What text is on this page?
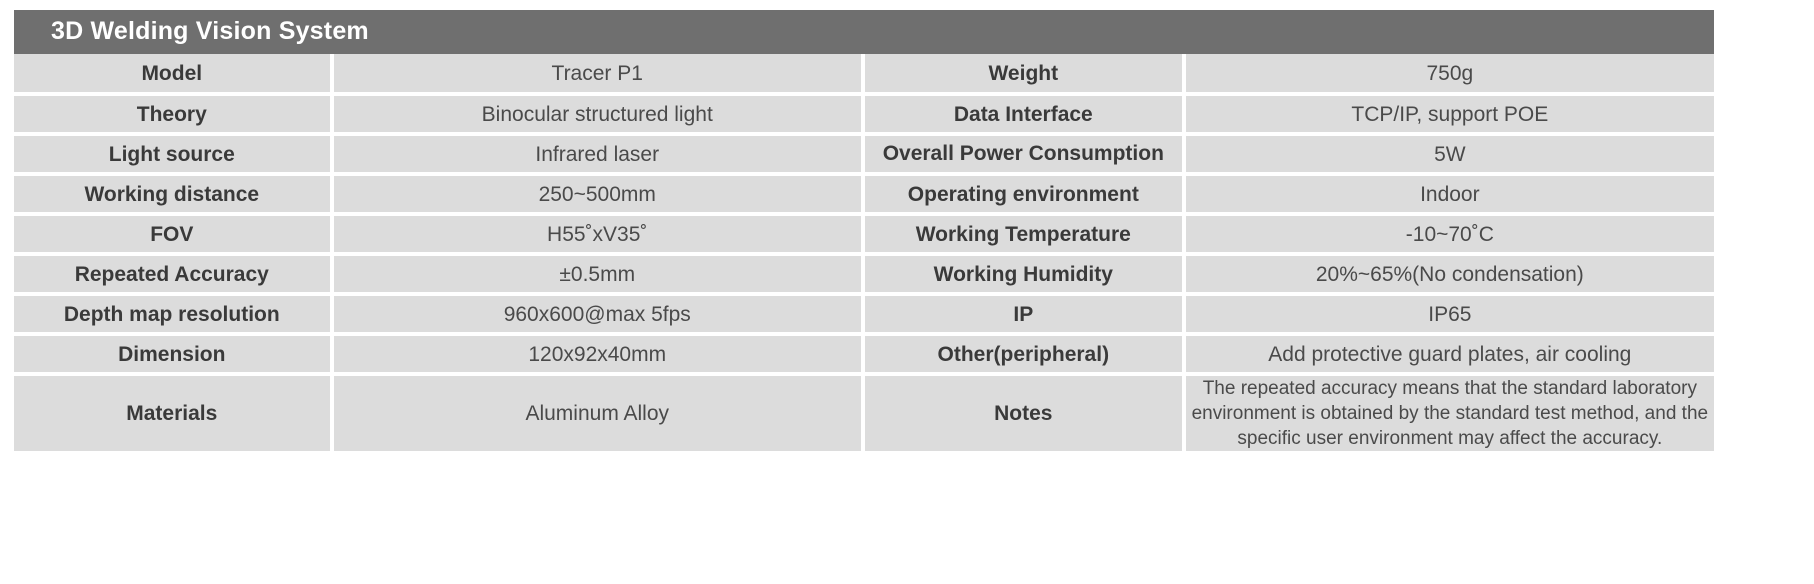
3D Welding Vision System
Model	Tracer P1	Weight	750g
Theory	Binocular structured light	Data Interface	TCP/IP, support POE
Light source	Infrared laser	Overall Power Consumption	5W
Working distance	250~500mm	Operating environment	Indoor
FOV	H55˚xV35˚	Working Temperature	-10~70˚C
Repeated Accuracy	±0.5mm	Working Humidity	20%~65%(No condensation)
Depth map resolution	960x600@max 5fps	IP	IP65
Dimension	120x92x40mm	Other(peripheral)	Add protective guard plates, air cooling
Materials	Aluminum Alloy	Notes	The repeated accuracy means that the standard laboratory environment is obtained by the standard test method, and the specific user environment may affect the accuracy.
